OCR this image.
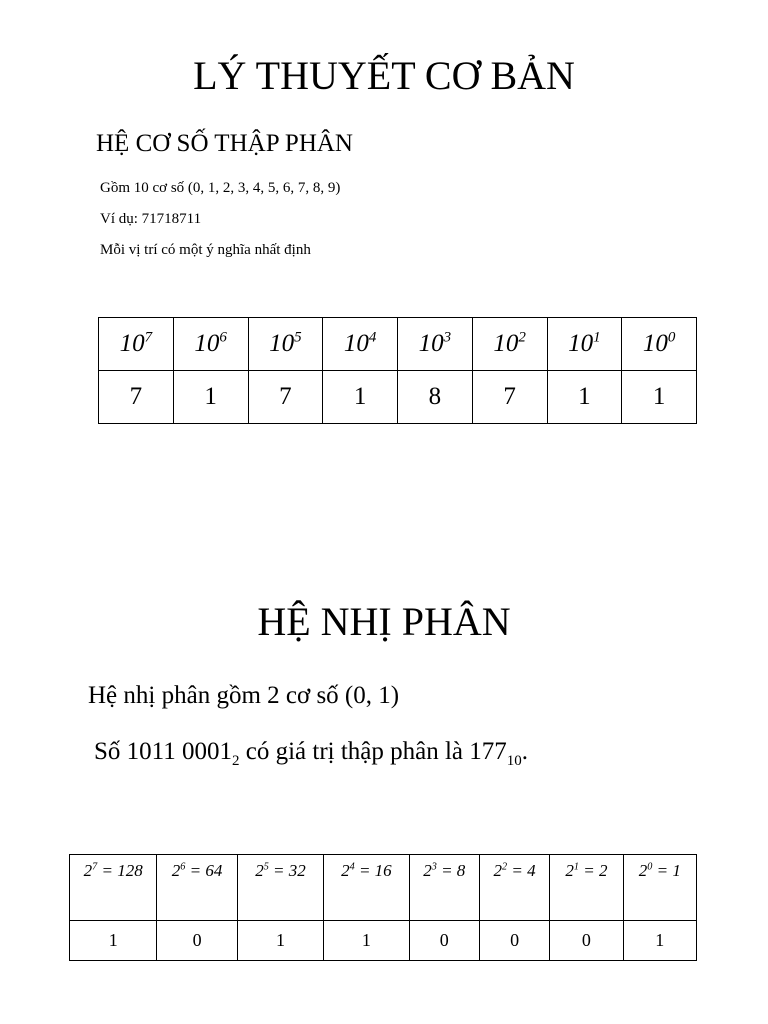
LÝ THUYẾT CƠ BẢN
HỆ CƠ SỐ THẬP PHÂN

Gồm 10 cơ số (0, 1, 2, 3, 4, 5, 6, 7, 8, 9)

Ví dụ: 71718711

Mỗi vị trí có một ý nghĩa nhất định

$10^7$	$10^6$	$10^5$	$10^4$	$10^3$	$10^2$	$10^1$	$10^0$
7	1	7	1	8	7	1	1
HỆ NHỊ PHÂN

Hệ nhị phân gồm 2 cơ số (0, 1)

Số 1011 $0001_2$ có giá trị thập phân là $177_{10}$.

$2^7 = 128$	$2^6 = 64$	$2^5 = 32$	$2^4 = 16$	$2^3 = 8$	$2^2 = 4$	$2^1 = 2$	$2^0 = 1$
1	0	1	1	0	0	0	1
